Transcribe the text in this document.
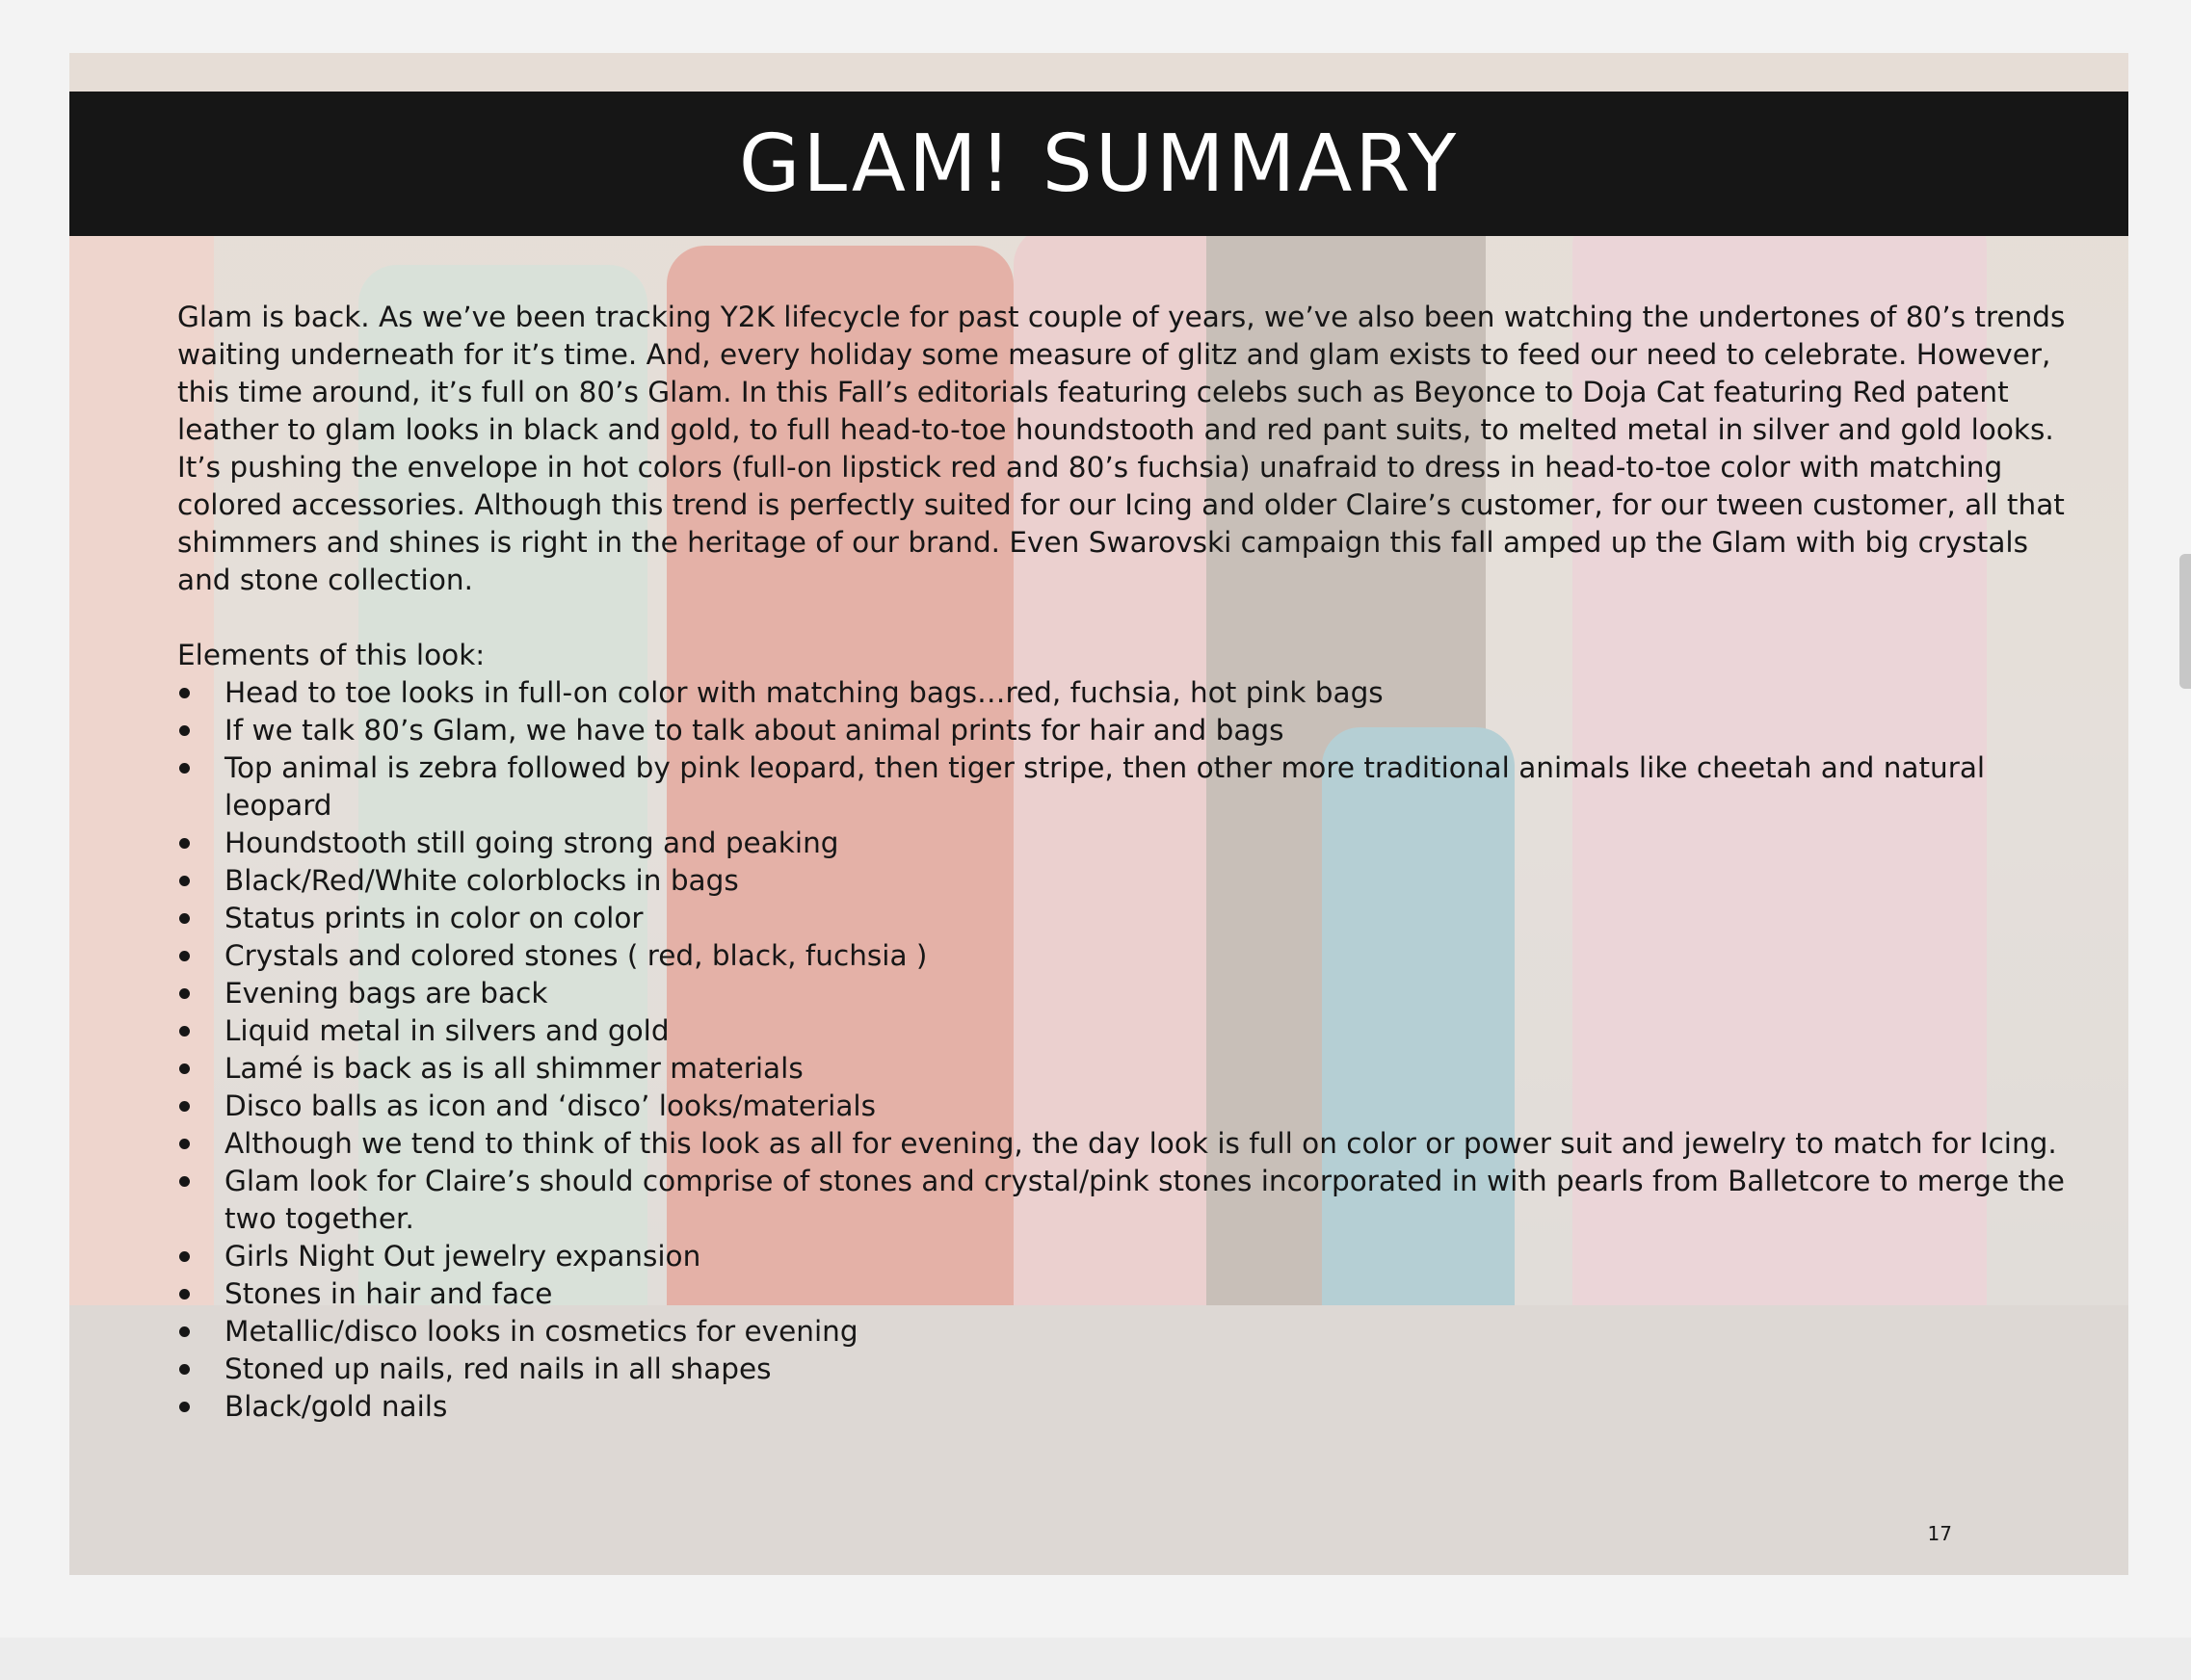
GLAM! SUMMARY

Glam is back. As we’ve been tracking Y2K lifecycle for past couple of years, we’ve also been watching the undertones of 80’s trends waiting underneath for it’s time. And, every holiday some measure of glitz and glam exists to feed our need to celebrate. However, this time around, it’s full on 80’s Glam. In this Fall’s editorials featuring celebs such as Beyonce to Doja Cat featuring Red patent leather to glam looks in black and gold, to full head-to-toe houndstooth and red pant suits, to melted metal in silver and gold looks. It’s pushing the envelope in hot colors (full-on lipstick red and 80’s fuchsia) unafraid to dress in head-to-toe color with matching colored accessories. Although this trend is perfectly suited for our Icing and older Claire’s customer, for our tween customer, all that shimmers and shines is right in the heritage of our brand. Even Swarovski campaign this fall amped up the Glam with big crystals and stone collection.

Elements of this look:

Head to toe looks in full-on color with matching bags…red, fuchsia, hot pink bags
If we talk 80’s Glam, we have to talk about animal prints for hair and bags
Top animal is zebra followed by pink leopard, then tiger stripe, then other more traditional animals like cheetah and natural leopard
Houndstooth still going strong and peaking
Black/Red/White colorblocks in bags
Status prints in color on color
Crystals and colored stones ( red, black, fuchsia )
Evening bags are back
Liquid metal in silvers and gold
Lamé is back as is all shimmer materials
Disco balls as icon and ‘disco’ looks/materials
Although we tend to think of this look as all for evening, the day look is full on color or power suit and jewelry to match for Icing.
Glam look for Claire’s should comprise of stones and crystal/pink stones incorporated in with pearls from Balletcore to merge the two together.
Girls Night Out jewelry expansion
Stones in hair and face
Metallic/disco looks in cosmetics for evening
Stoned up nails, red nails in all shapes
Black/gold nails
17
